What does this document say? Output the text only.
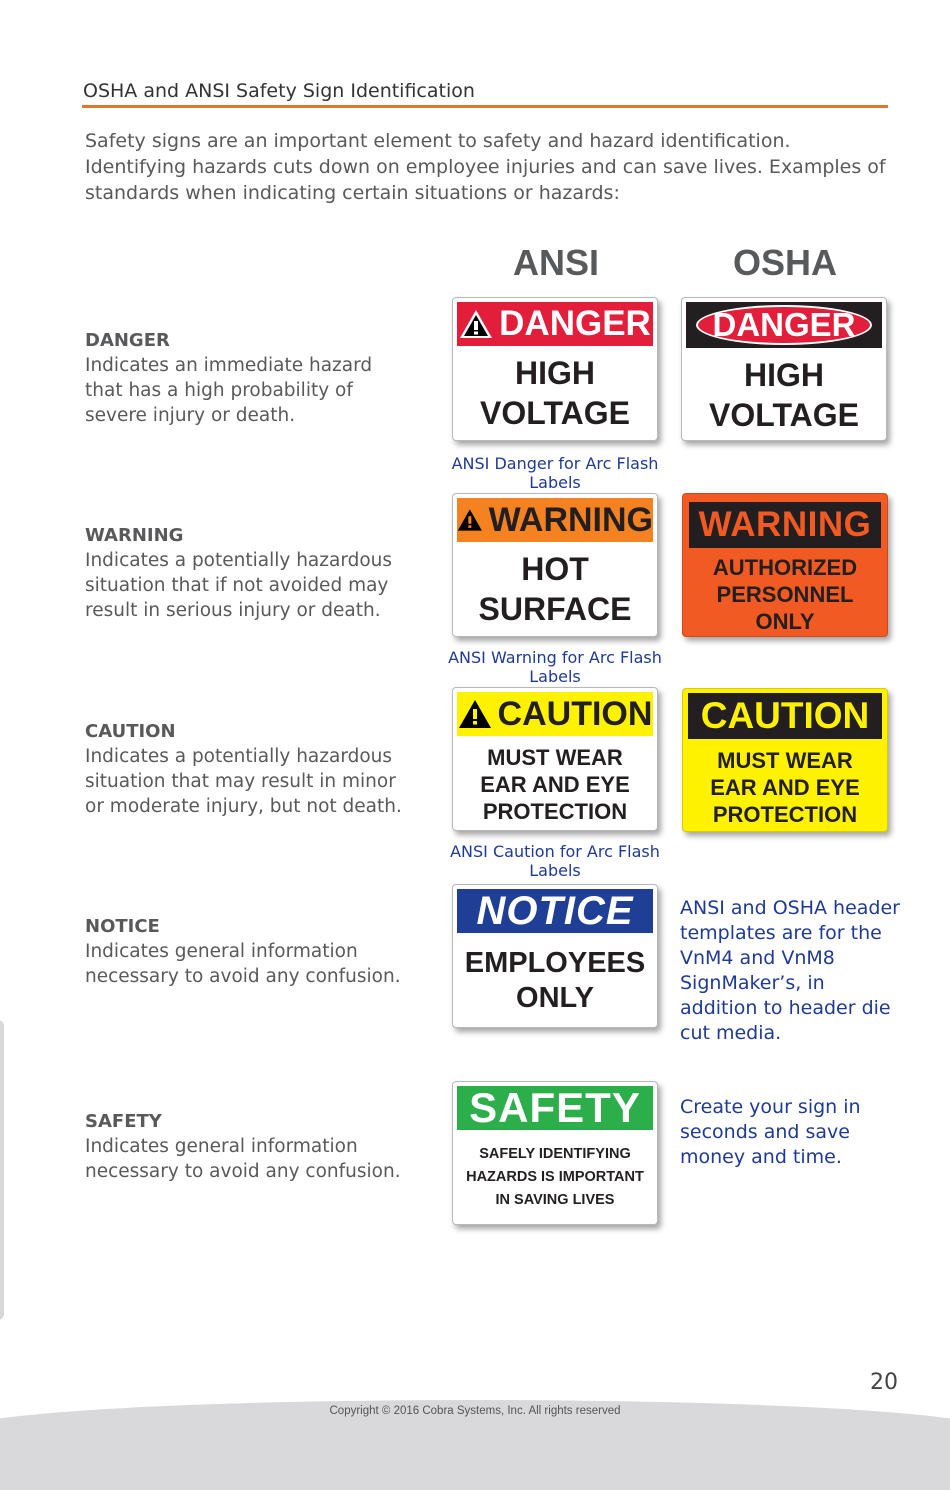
OSHA and ANSI Safety Sign Identification
Safety signs are an important element to safety and hazard identification. Identifying hazards cuts down on employee injuries and can save lives. Examples of standards when indicating certain situations or hazards:
ANSI	OSHA
DANGER
Indicates an immediate hazard that has a high probability of severe injury or death.
WARNING
Indicates a potentially hazardous situation that if not avoided may result in serious injury or death.
CAUTION
Indicates a potentially hazardous situation that may result in minor or moderate injury, but not death.
NOTICE
Indicates general information necessary to avoid any confusion.
SAFETY
Indicates general information necessary to avoid any confusion.
DANGER
HIGH
VOLTAGE
DANGER
HIGH
VOLTAGE
ANSI Danger for Arc Flash Labels
WARNING
HOT
SURFACE
WARNING
AUTHORIZED
PERSONNEL
ONLY
ANSI Warning for Arc Flash Labels
CAUTION
MUST WEAR
EAR AND EYE
PROTECTION
CAUTION
MUST WEAR
EAR AND EYE
PROTECTION
ANSI Caution for Arc Flash Labels
NOTICE
EMPLOYEES
ONLY
ANSI and OSHA header templates are for the VnM4 and VnM8 SignMaker’s, in addition to header die cut media.
SAFETY
SAFELY IDENTIFYING
HAZARDS IS IMPORTANT
IN SAVING LIVES
Create your sign in seconds and save money and time.
20
Copyright © 2016 Cobra Systems, Inc. All rights reserved
